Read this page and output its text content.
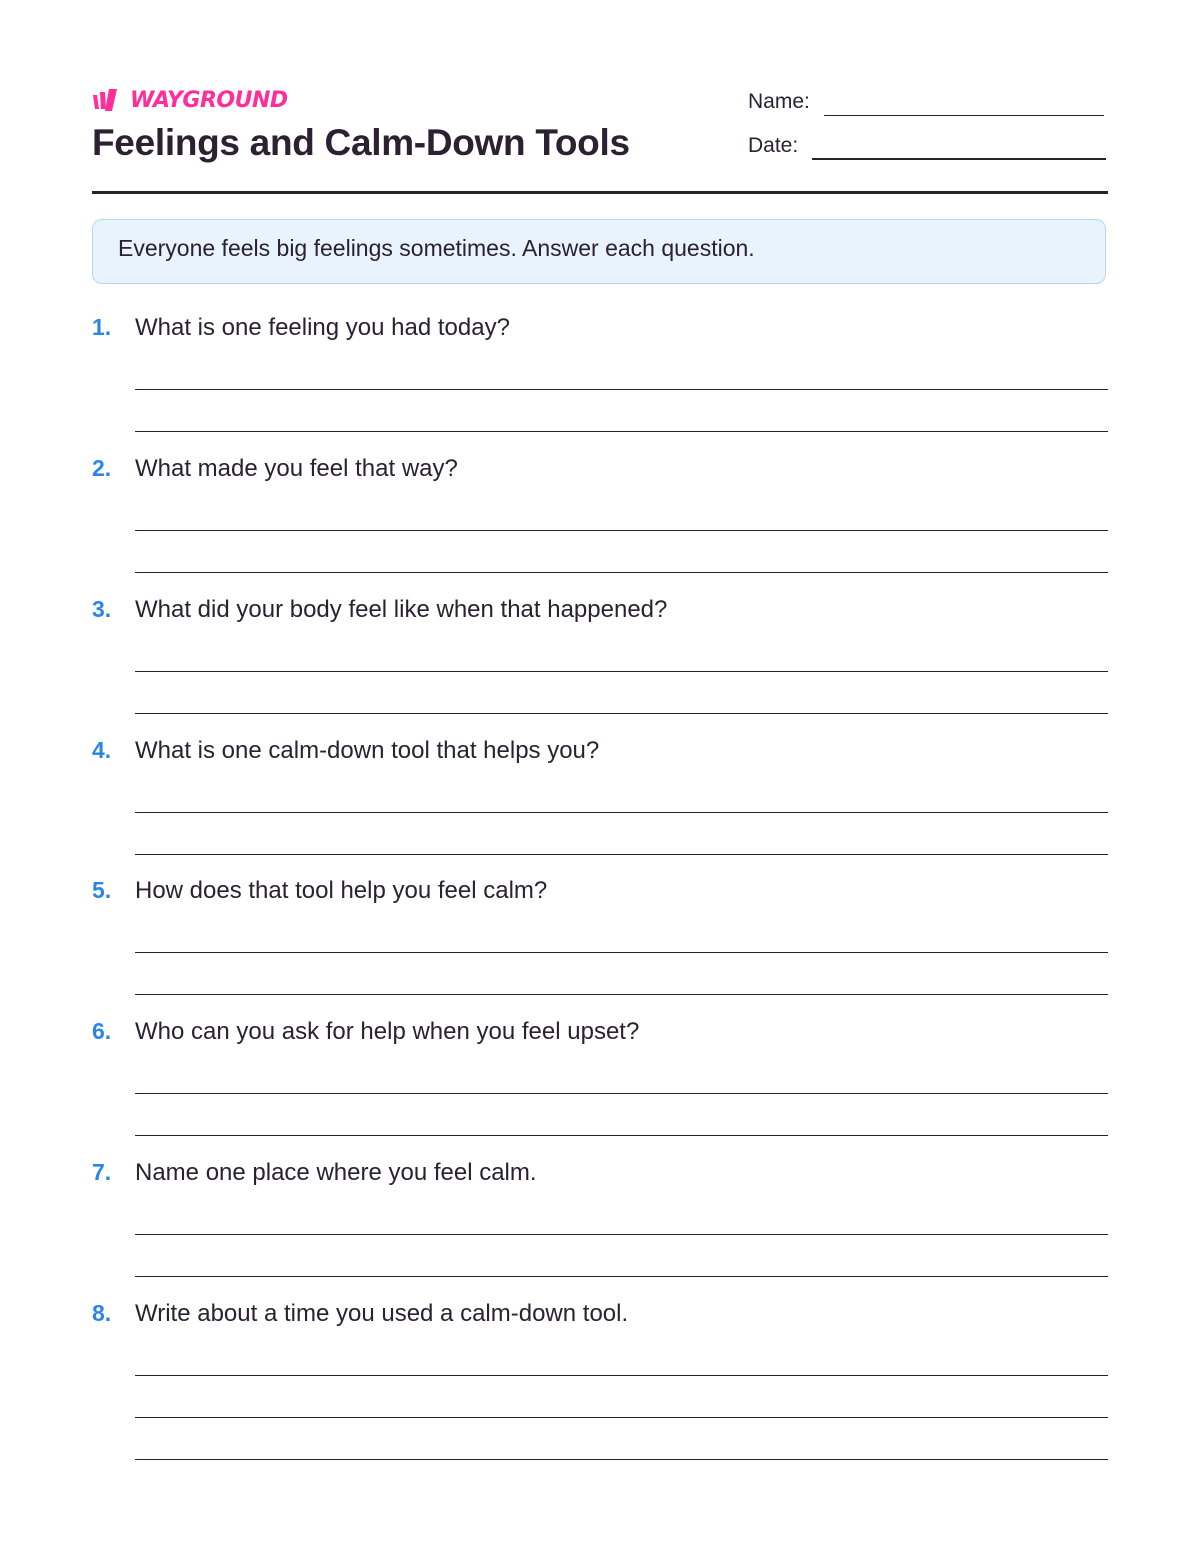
WAYGROUND
Feelings and Calm-Down Tools
Name:
Date:
Everyone feels big feelings sometimes. Answer each question.
1. What is one feeling you had today?
2. What made you feel that way?
3. What did your body feel like when that happened?
4. What is one calm-down tool that helps you?
5. How does that tool help you feel calm?
6. Who can you ask for help when you feel upset?
7. Name one place where you feel calm.
8. Write about a time you used a calm-down tool.
